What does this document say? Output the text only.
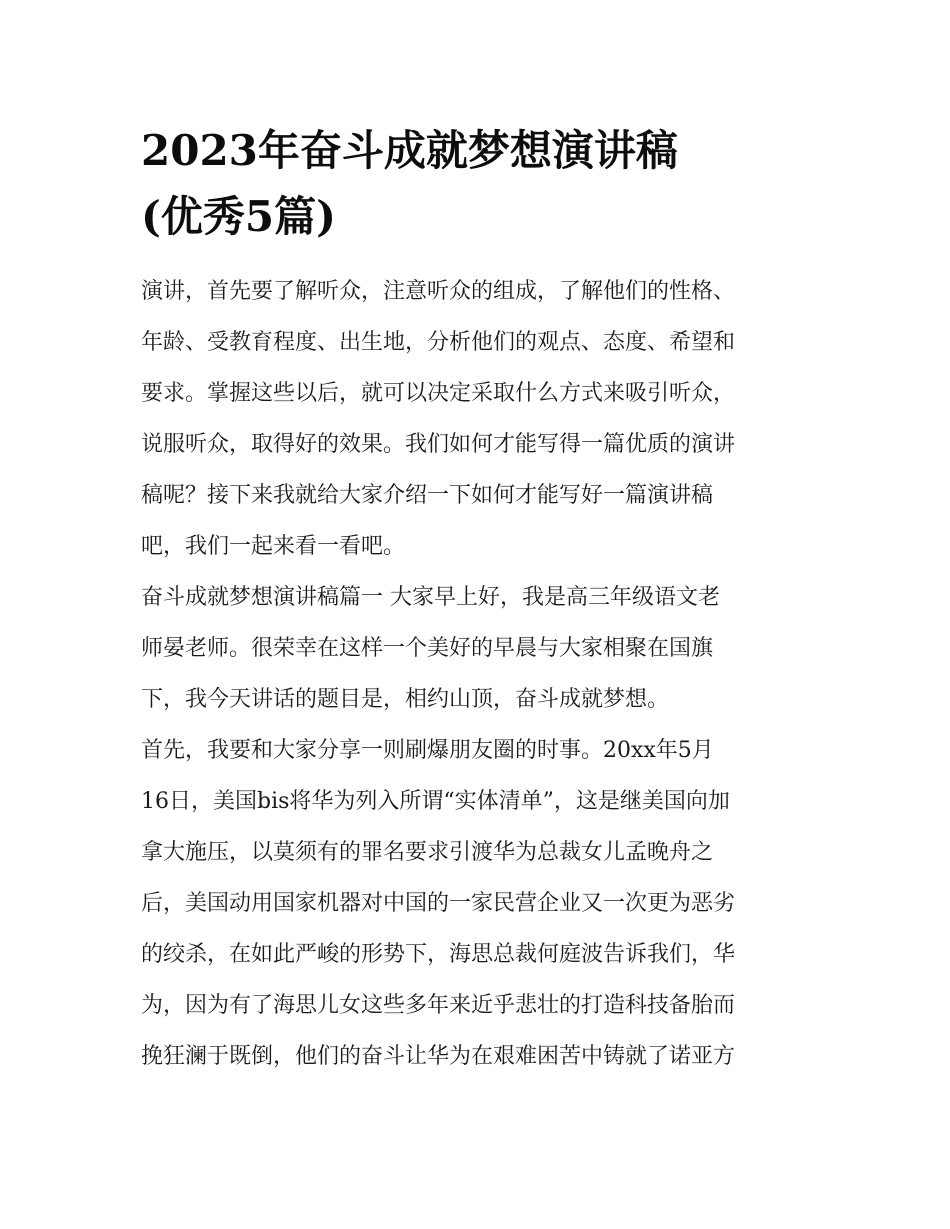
2023年奋斗成就梦想演讲稿
(优秀5篇)
演讲，首先要了解听众，注意听众的组成，了解他们的性格、
年龄、受教育程度、出生地，分析他们的观点、态度、希望和
要求。掌握这些以后，就可以决定采取什么方式来吸引听众，
说服听众，取得好的效果。我们如何才能写得一篇优质的演讲
稿呢？接下来我就给大家介绍一下如何才能写好一篇演讲稿
吧，我们一起来看一看吧。
奋斗成就梦想演讲稿篇一 大家早上好，我是高三年级语文老
师晏老师。很荣幸在这样一个美好的早晨与大家相聚在国旗
下，我今天讲话的题目是，相约山顶，奋斗成就梦想。
首先，我要和大家分享一则刷爆朋友圈的时事。20xx年5月
16日，美国bis将华为列入所谓“实体清单”，这是继美国向加
拿大施压，以莫须有的罪名要求引渡华为总裁女儿孟晚舟之
后，美国动用国家机器对中国的一家民营企业又一次更为恶劣
的绞杀，在如此严峻的形势下，海思总裁何庭波告诉我们，华
为，因为有了海思儿女这些多年来近乎悲壮的打造科技备胎而
挽狂澜于既倒，他们的奋斗让华为在艰难困苦中铸就了诺亚方
